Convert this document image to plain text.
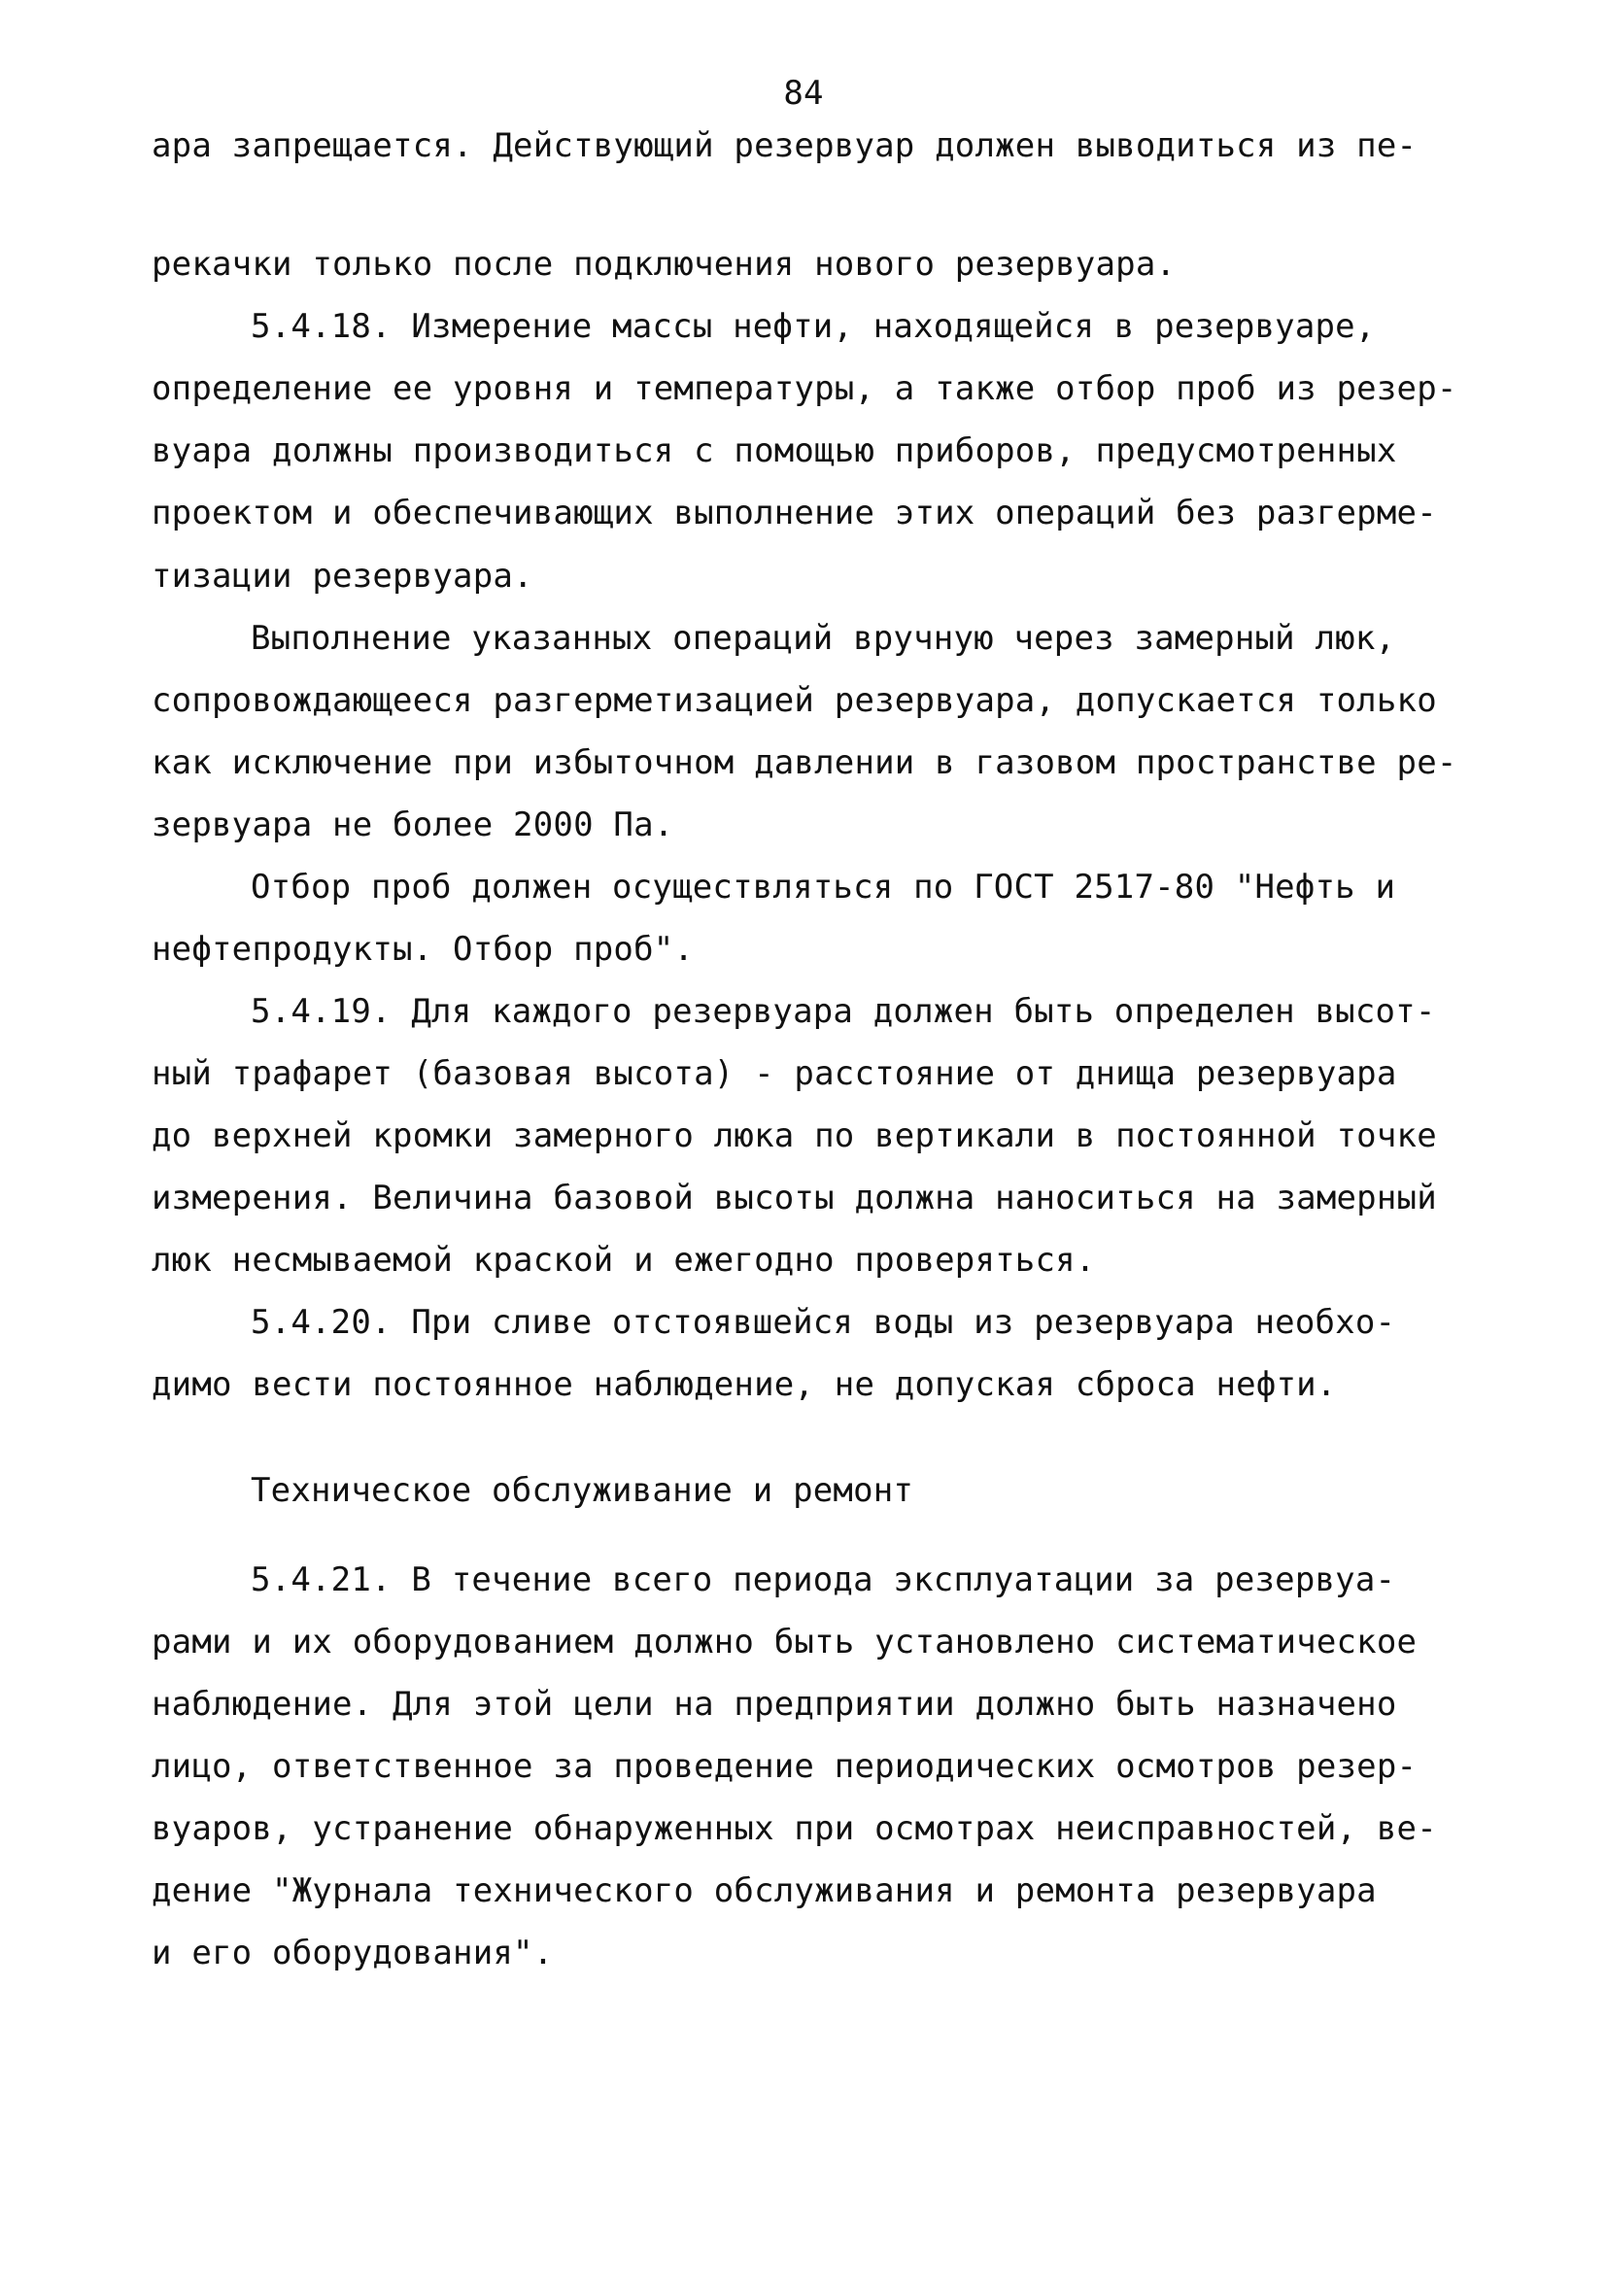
84
ара запрещается. Действующий резервуар должен выводиться из пе-
рекачки только после подключения нового резервуара.
5.4.18. Измерение массы нефти, находящейся в резервуаре,
определение ее уровня и температуры, а также отбор проб из резер-
вуара должны производиться с помощью приборов, предусмотренных
проектом и обеспечивающих выполнение этих операций без разгерме-
тизации резервуара.
Выполнение указанных операций вручную через замерный люк,
сопровождающееся разгерметизацией резервуара, допускается только
как исключение при избыточном давлении в газовом пространстве ре-
зервуара не более 2000 Па.
Отбор проб должен осуществляться по ГОСТ 2517-80 "Нефть и
нефтепродукты. Отбор проб".
5.4.19. Для каждого резервуара должен быть определен высот-
ный трафарет (базовая высота) - расстояние от днища резервуара
до верхней кромки замерного люка по вертикали в постоянной точке
измерения. Величина базовой высоты должна наноситься на замерный
люк несмываемой краской и ежегодно проверяться.
5.4.20. При сливе отстоявшейся воды из резервуара необхо-
димо вести постоянное наблюдение, не допуская сброса нефти.
Техническое обслуживание и ремонт
5.4.21. В течение всего периода эксплуатации за резервуа-
рами и их оборудованием должно быть установлено систематическое
наблюдение. Для этой цели на предприятии должно быть назначено
лицо, ответственное за проведение периодических осмотров резер-
вуаров, устранение обнаруженных при осмотрах неисправностей, ве-
дение "Журнала технического обслуживания и ремонта резервуара
и его оборудования".
